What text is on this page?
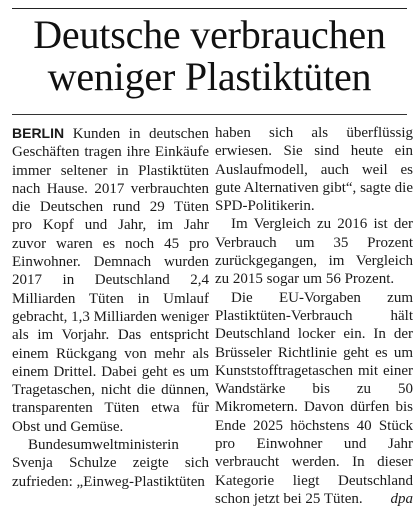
Deutsche verbrauchen
weniger Plastiktüten

BERLIN Kunden in deutschen Geschäften tragen ihre Einkäufe immer seltener in Plastiktüten nach Hause. 2017 verbrauchten die Deutschen rund 29 Tüten pro Kopf und Jahr, im Jahr zuvor waren es noch 45 pro Einwohner. Demnach wurden 2017 in Deutschland 2,4 Milliarden Tüten in Umlauf gebracht, 1,3 Milliarden weniger als im Vorjahr. Das entspricht einem Rückgang von mehr als einem Drittel. Dabei geht es um Tragetaschen, nicht die dünnen, transparenten Tüten etwa für Obst und Gemüse.

Bundesumweltministerin Svenja Schulze zeigte sich zufrieden: „Einweg-Plastiktüten

haben sich als überflüssig erwiesen. Sie sind heute ein Auslaufmodell, auch weil es gute Alternativen gibt“, sagte die SPD-Politikerin.

Im Vergleich zu 2016 ist der Verbrauch um 35 Prozent zurückgegangen, im Vergleich zu 2015 sogar um 56 Prozent.

Die EU-Vorgaben zum Plastiktüten-Verbrauch hält Deutschland locker ein. In der Brüsseler Richtlinie geht es um Kunststofftragetaschen mit einer Wandstärke bis zu 50 Mikrometern. Davon dürfen bis Ende 2025 höchstens 40 Stück pro Einwohner und Jahr verbraucht werden. In dieser Kategorie liegt Deutschland schon jetzt bei 25 Tüten.	dpa
